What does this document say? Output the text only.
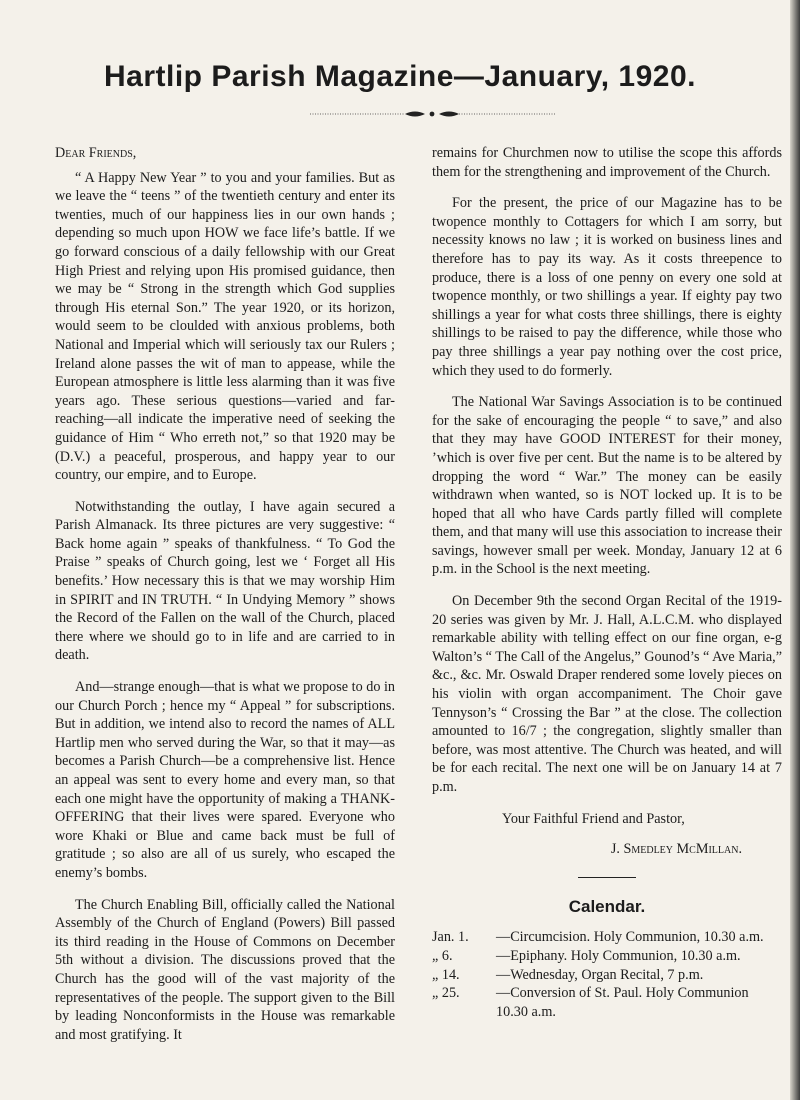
Hartlip Parish Magazine—January, 1920.

Dear Friends,

“ A Happy New Year ” to you and your families. But as we leave the “ teens ” of the twentieth century and enter its twenties, much of our happiness lies in our own hands ; depending so much upon HOW we face life’s battle. If we go forward conscious of a daily fellowship with our Great High Priest and relying upon His promised guidance, then we may be “ Strong in the strength which God supplies through His eternal Son.” The year 1920, or its horizon, would seem to be cloulded with anxious problems, both National and Imperial which will seriously tax our Rulers ; Ireland alone passes the wit of man to appease, while the European atmosphere is little less alarming than it was five years ago. These serious questions—varied and far-reaching—all indicate the imperative need of seeking the guidance of Him “ Who erreth not,” so that 1920 may be (D.V.) a peaceful, prosperous, and happy year to our country, our empire, and to Europe.

Notwithstanding the outlay, I have again secured a Parish Almanack. Its three pictures are very suggestive: “ Back home again ” speaks of thankfulness. “ To God the Praise ” speaks of Church going, lest we ‘ Forget all His benefits.’ How necessary this is that we may worship Him in SPIRIT and IN TRUTH. “ In Undying Memory ” shows the Record of the Fallen on the wall of the Church, placed there where we should go to in life and are carried to in death.

And—strange enough—that is what we propose to do in our Church Porch ; hence my “ Appeal ” for subscriptions. But in addition, we intend also to record the names of ALL Hartlip men who served during the War, so that it may—as becomes a Parish Church—be a comprehensive list. Hence an appeal was sent to every home and every man, so that each one might have the opportunity of making a THANK-OFFERING that their lives were spared. Everyone who wore Khaki or Blue and came back must be full of gratitude ; so also are all of us surely, who escaped the enemy’s bombs.

The Church Enabling Bill, officially called the National Assembly of the Church of England (Powers) Bill passed its third reading in the House of Commons on December 5th without a division. The discussions proved that the Church has the good will of the vast majority of the representatives of the people. The support given to the Bill by leading Nonconformists in the House was remarkable and most gratifying. It

remains for Churchmen now to utilise the scope this affords them for the strengthening and improvement of the Church.

For the present, the price of our Magazine has to be twopence monthly to Cottagers for which I am sorry, but necessity knows no law ; it is worked on business lines and therefore has to pay its way. As it costs threepence to produce, there is a loss of one penny on every one sold at twopence monthly, or two shillings a year. If eighty pay two shillings a year for what costs three shillings, there is eighty shillings to be raised to pay the difference, while those who pay three shillings a year pay nothing over the cost price, which they used to do formerly.

The National War Savings Association is to be continued for the sake of encouraging the people “ to save,” and also that they may have GOOD INTEREST for their money, ’which is over five per cent. But the name is to be altered by dropping the word “ War.” The money can be easily withdrawn when wanted, so is NOT locked up. It is to be hoped that all who have Cards partly filled will complete them, and that many will use this association to increase their savings, however small per week. Monday, January 12 at 6 p.m. in the School is the next meeting.

On December 9th the second Organ Recital of the 1919-20 series was given by Mr. J. Hall, A.L.C.M. who displayed remarkable ability with telling effect on our fine organ, e-g Walton’s “ The Call of the Angelus,” Gounod’s “ Ave Maria,” &c., &c. Mr. Oswald Draper rendered some lovely pieces on his violin with organ accompaniment. The Choir gave Tennyson’s “ Crossing the Bar ” at the close. The collection amounted to 16/7 ; the congregation, slightly smaller than before, was most attentive. The Church was heated, and will be for each recital. The next one will be on January 14 at 7 p.m.

Your Faithful Friend and Pastor,

J. Smedley McMillan.

Calendar.
Jan. 1.	—Circumcision. Holy Communion, 10.30 a.m.
„ 6.	—Epiphany. Holy Communion, 10.30 a.m.
„ 14.	—Wednesday, Organ Recital, 7 p.m.
„ 25.	—Conversion of St. Paul. Holy Communion 10.30 a.m.
